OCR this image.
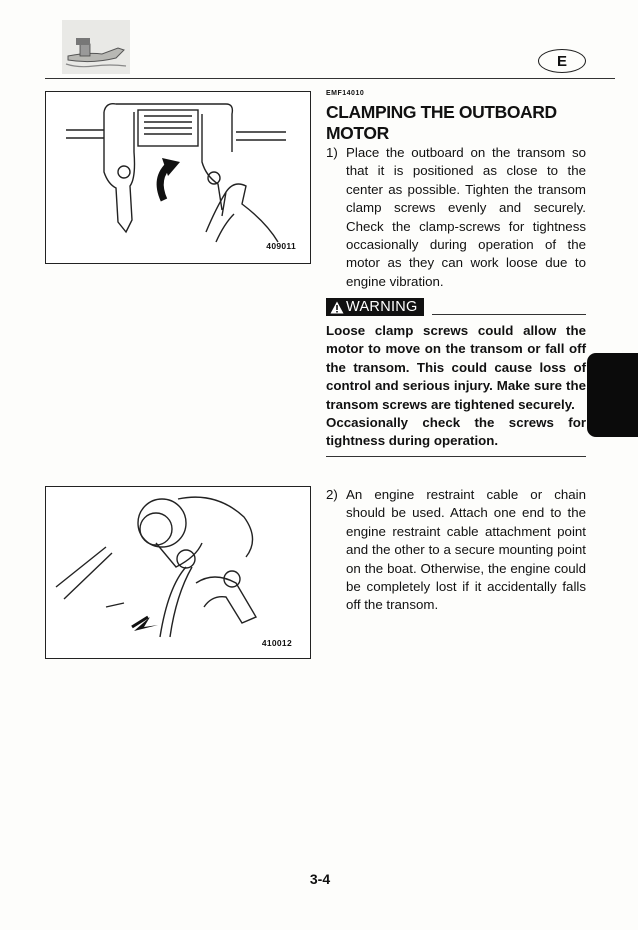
E
409011
410012
EMF14010
CLAMPING THE OUTBOARD MOTOR
1) Place the outboard on the transom so that it is positioned as close to the center as possible. Tighten the transom clamp screws evenly and securely. Check the clamp-screws for tightness occasionally during operation of the motor as they can work loose due to engine vibration.
WARNING

Loose clamp screws could allow the motor to move on the transom or fall off the transom. This could cause loss of control and serious injury. Make sure the transom screws are tightened securely.

Occasionally check the screws for tightness during operation.

2) An engine restraint cable or chain should be used. Attach one end to the engine restraint cable attachment point and the other to a secure mounting point on the boat. Otherwise, the engine could be completely lost if it accidentally falls off the transom.
3-4
